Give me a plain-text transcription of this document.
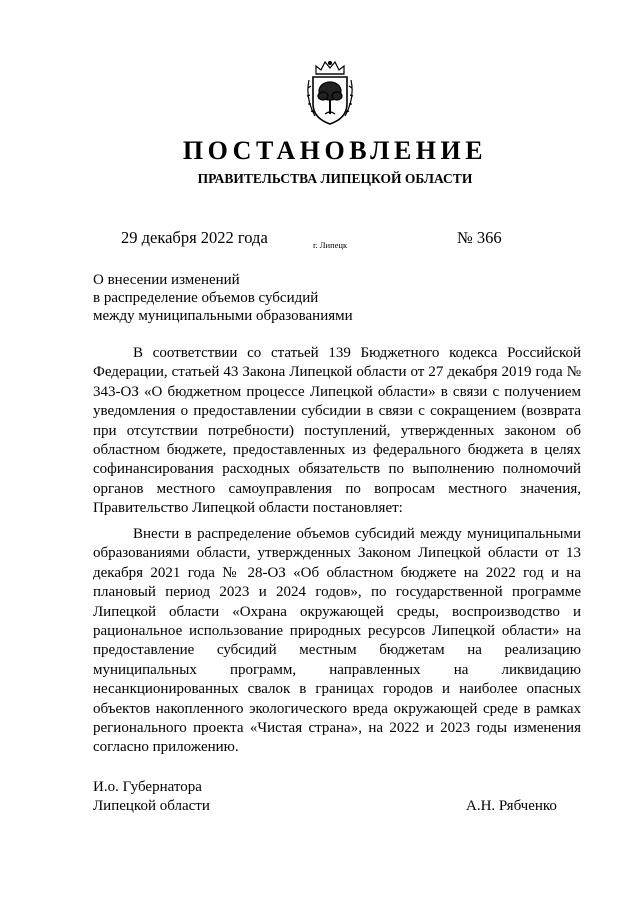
ПОСТАНОВЛЕНИЕ
ПРАВИТЕЛЬСТВА ЛИПЕЦКОЙ ОБЛАСТИ
29 декабря 2022 года	г. Липецк	№ 366
О внесении изменений
в распределение объемов субсидий
между муниципальными образованиями

В соответствии со статьей 139 Бюджетного кодекса Российской Федерации, статьей 43 Закона Липецкой области от 27 декабря 2019 года № 343-ОЗ «О бюджетном процессе Липецкой области» в связи с получением уведомления о предоставлении субсидии в связи с сокращением (возврата при отсутствии потребности) поступлений, утвержденных законом об областном бюджете, предоставленных из федерального бюджета в целях софинансирования расходных обязательств по выполнению полномочий органов местного самоуправления по вопросам местного значения, Правительство Липецкой области постановляет:

Внести в распределение объемов субсидий между муниципальными образованиями области, утвержденных Законом Липецкой области от 13 декабря 2021 года № 28-ОЗ «Об областном бюджете на 2022 год и на плановый период 2023 и 2024 годов», по государственной программе Липецкой области «Охрана окружающей среды, воспроизводство и рациональное использование природных ресурсов Липецкой области» на предоставление субсидий местным бюджетам на реализацию муниципальных программ, направленных на ликвидацию несанкционированных свалок в границах городов и наиболее опасных объектов накопленного экологического вреда окружающей среде в рамках регионального проекта «Чистая страна», на 2022 и 2023 годы изменения согласно приложению.

И.о. Губернатора
Липецкой области	А.Н. Рябченко
